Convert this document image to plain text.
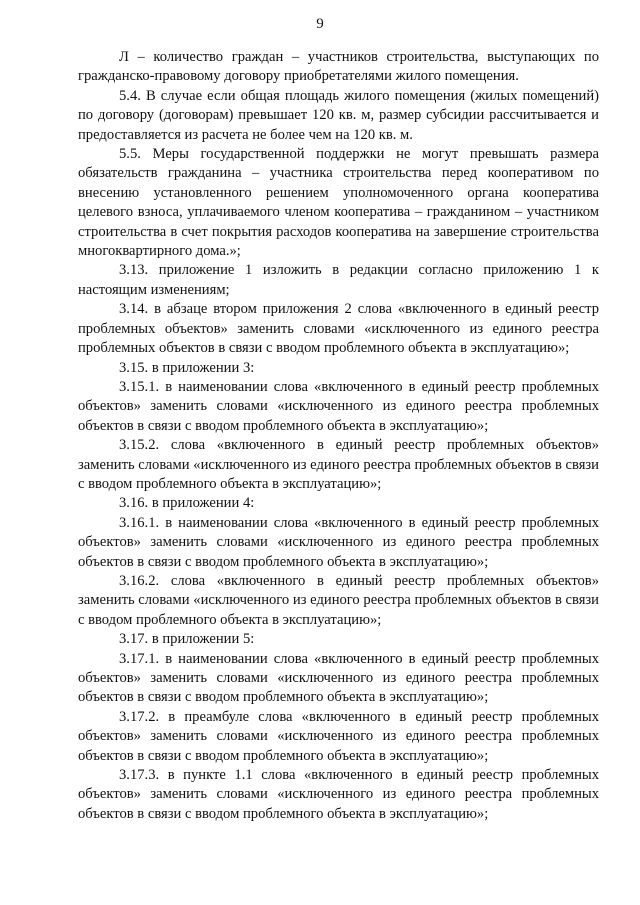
9

Л – количество граждан – участников строительства, выступающих по гражданско-правовому договору приобретателями жилого помещения.

5.4. В случае если общая площадь жилого помещения (жилых помещений) по договору (договорам) превышает 120 кв. м, размер субсидии рассчитывается и предоставляется из расчета не более чем на 120 кв. м.

5.5. Меры государственной поддержки не могут превышать размера обязательств гражданина – участника строительства перед кооперативом по внесению установленного решением уполномоченного органа кооператива целевого взноса, уплачиваемого членом кооператива – гражданином – участником строительства в счет покрытия расходов кооператива на завершение строительства многоквартирного дома.»;

3.13. приложение 1 изложить в редакции согласно приложению 1 к настоящим изменениям;

3.14. в абзаце втором приложения 2 слова «включенного в единый реестр проблемных объектов» заменить словами «исключенного из единого реестра проблемных объектов в связи с вводом проблемного объекта в эксплуатацию»;

3.15. в приложении 3:

3.15.1. в наименовании слова «включенного в единый реестр проблемных объектов» заменить словами «исключенного из единого реестра проблемных объектов в связи с вводом проблемного объекта в эксплуатацию»;

3.15.2. слова «включенного в единый реестр проблемных объектов» заменить словами «исключенного из единого реестра проблемных объектов в связи с вводом проблемного объекта в эксплуатацию»;

3.16. в приложении 4:

3.16.1. в наименовании слова «включенного в единый реестр проблемных объектов» заменить словами «исключенного из единого реестра проблемных объектов в связи с вводом проблемного объекта в эксплуатацию»;

3.16.2. слова «включенного в единый реестр проблемных объектов» заменить словами «исключенного из единого реестра проблемных объектов в связи с вводом проблемного объекта в эксплуатацию»;

3.17. в приложении 5:

3.17.1. в наименовании слова «включенного в единый реестр проблемных объектов» заменить словами «исключенного из единого реестра проблемных объектов в связи с вводом проблемного объекта в эксплуатацию»;

3.17.2. в преамбуле слова «включенного в единый реестр проблемных объектов» заменить словами «исключенного из единого реестра проблемных объектов в связи с вводом проблемного объекта в эксплуатацию»;

3.17.3. в пункте 1.1 слова «включенного в единый реестр проблемных объектов» заменить словами «исключенного из единого реестра проблемных объектов в связи с вводом проблемного объекта в эксплуатацию»;
